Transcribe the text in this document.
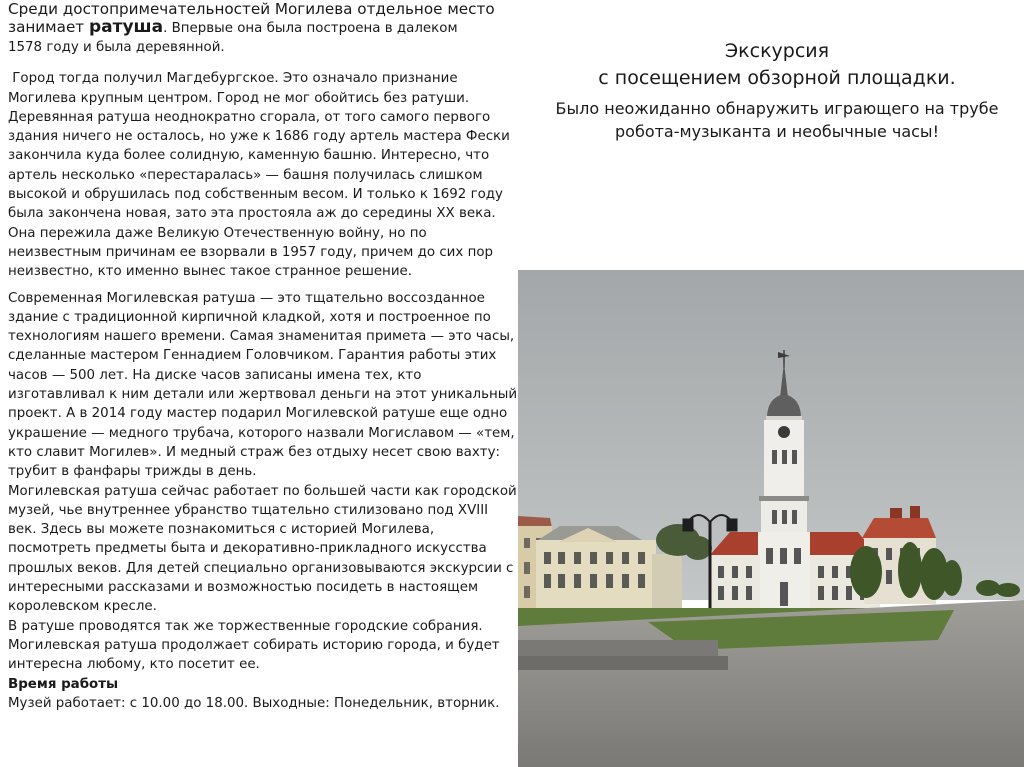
Среди достопримечательностей Могилева отдельное место

занимает ратуша. Впервые она была построена в далеком

1578 году и была деревянной.

Город тогда получил Магдебургское. Это означало признание Могилева крупным центром. Город не мог обойтись без ратуши. Деревянная ратуша неоднократно сгорала, от того самого первого здания ничего не осталось, но уже к 1686 году артель мастера Фески закончила куда более солидную, каменную башню. Интересно, что артель несколько «перестаралась» — башня получилась слишком высокой и обрушилась под собственным весом. И только к 1692 году была закончена новая, зато эта простояла аж до середины XX века. Она пережила даже Великую Отечественную войну, но по неизвестным причинам ее взорвали в 1957 году, причем до сих пор неизвестно, кто именно вынес такое странное решение.

Современная Могилевская ратуша — это тщательно воссозданное здание с традиционной кирпичной кладкой, хотя и построенное по технологиям нашего времени. Самая знаменитая примета — это часы, сделанные мастером Геннадием Головчиком. Гарантия работы этих часов — 500 лет. На диске часов записаны имена тех, кто изготавливал к ним детали или жертвовал деньги на этот уникальный проект. А в 2014 году мастер подарил Могилевской ратуше еще одно украшение — медного трубача, которого назвали Могиславом — «тем, кто славит Могилев». И медный страж без отдыху несет свою вахту: трубит в фанфары трижды в день.

Могилевская ратуша сейчас работает по большей части как городской музей, чье внутреннее убранство тщательно стилизовано под XVIII век. Здесь вы можете познакомиться с историей Могилева, посмотреть предметы быта и декоративно-прикладного искусства прошлых веков. Для детей специально организовываются экскурсии с интересными рассказами и возможностью посидеть в настоящем королевском кресле.

В ратуше проводятся так же торжественные городские собрания. Могилевская ратуша продолжает собирать историю города, и будет интересна любому, кто посетит ее.

Время работы

Музей работает: с 10.00 до 18.00. Выходные: Понедельник, вторник.

Экскурсия
с посещением обзорной площадки.
Было неожиданно обнаружить играющего на трубе
робота-музыканта и необычные часы!
